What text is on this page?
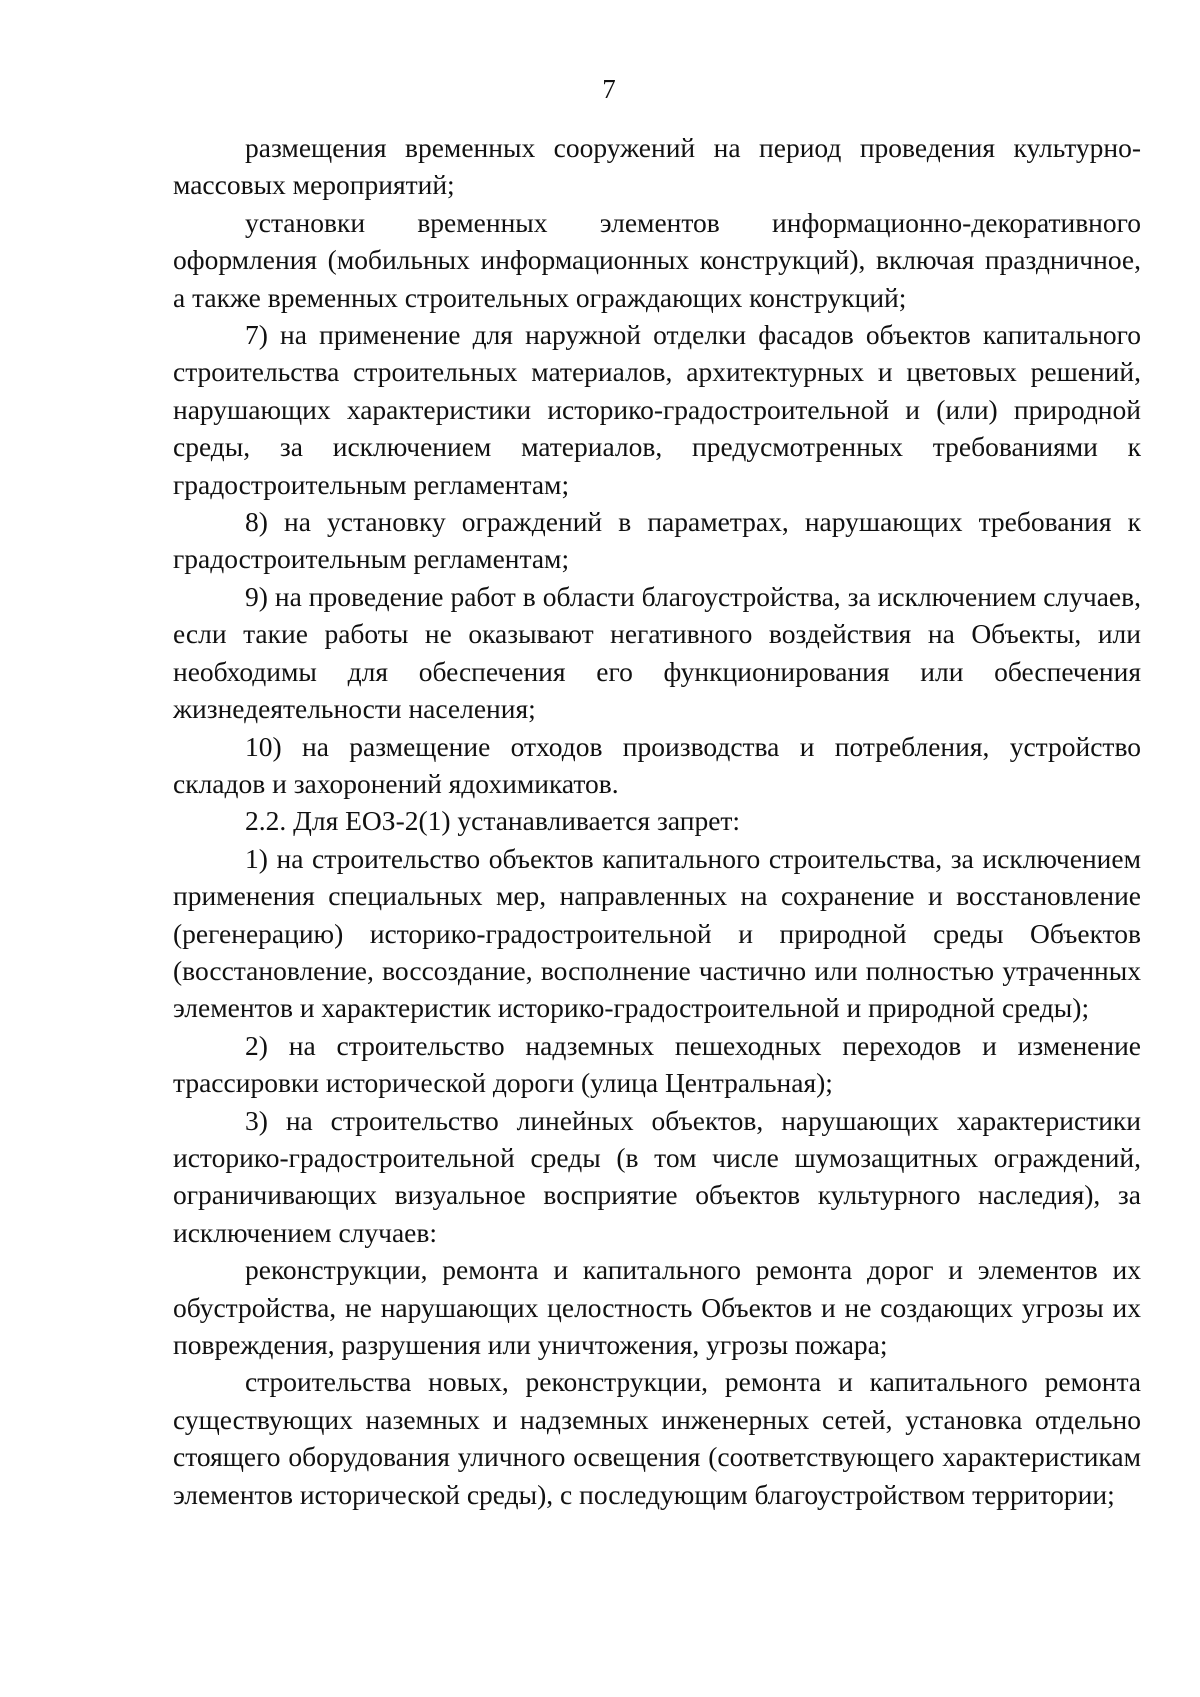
7

размещения временных сооружений на период проведения культурно-массовых мероприятий;

установки временных элементов информационно-декоративного оформления (мобильных информационных конструкций), включая праздничное, а также временных строительных ограждающих конструкций;

7) на применение для наружной отделки фасадов объектов капитального строительства строительных материалов, архитектурных и цветовых решений, нарушающих характеристики историко-градостроительной и (или) природной среды, за исключением материалов, предусмотренных требованиями к градостроительным регламентам;

8) на установку ограждений в параметрах, нарушающих требования к градостроительным регламентам;

9) на проведение работ в области благоустройства, за исключением случаев, если такие работы не оказывают негативного воздействия на Объекты, или необходимы для обеспечения его функционирования или обеспечения жизнедеятельности населения;

10) на размещение отходов производства и потребления, устройство складов и захоронений ядохимикатов.

2.2. Для ЕОЗ-2(1) устанавливается запрет:

1) на строительство объектов капитального строительства, за исключением применения специальных мер, направленных на сохранение и восстановление (регенерацию) историко-градостроительной и природной среды Объектов (восстановление, воссоздание, восполнение частично или полностью утраченных элементов и характеристик историко-градостроительной и природной среды);

2) на строительство надземных пешеходных переходов и изменение трассировки исторической дороги (улица Центральная);

3) на строительство линейных объектов, нарушающих характеристики историко-градостроительной среды (в том числе шумозащитных ограждений, ограничивающих визуальное восприятие объектов культурного наследия), за исключением случаев:

реконструкции, ремонта и капитального ремонта дорог и элементов их обустройства, не нарушающих целостность Объектов и не создающих угрозы их повреждения, разрушения или уничтожения, угрозы пожара;

строительства новых, реконструкции, ремонта и капитального ремонта существующих наземных и надземных инженерных сетей, установка отдельно стоящего оборудования уличного освещения (соответствующего характеристикам элементов исторической среды), с последующим благоустройством территории;
